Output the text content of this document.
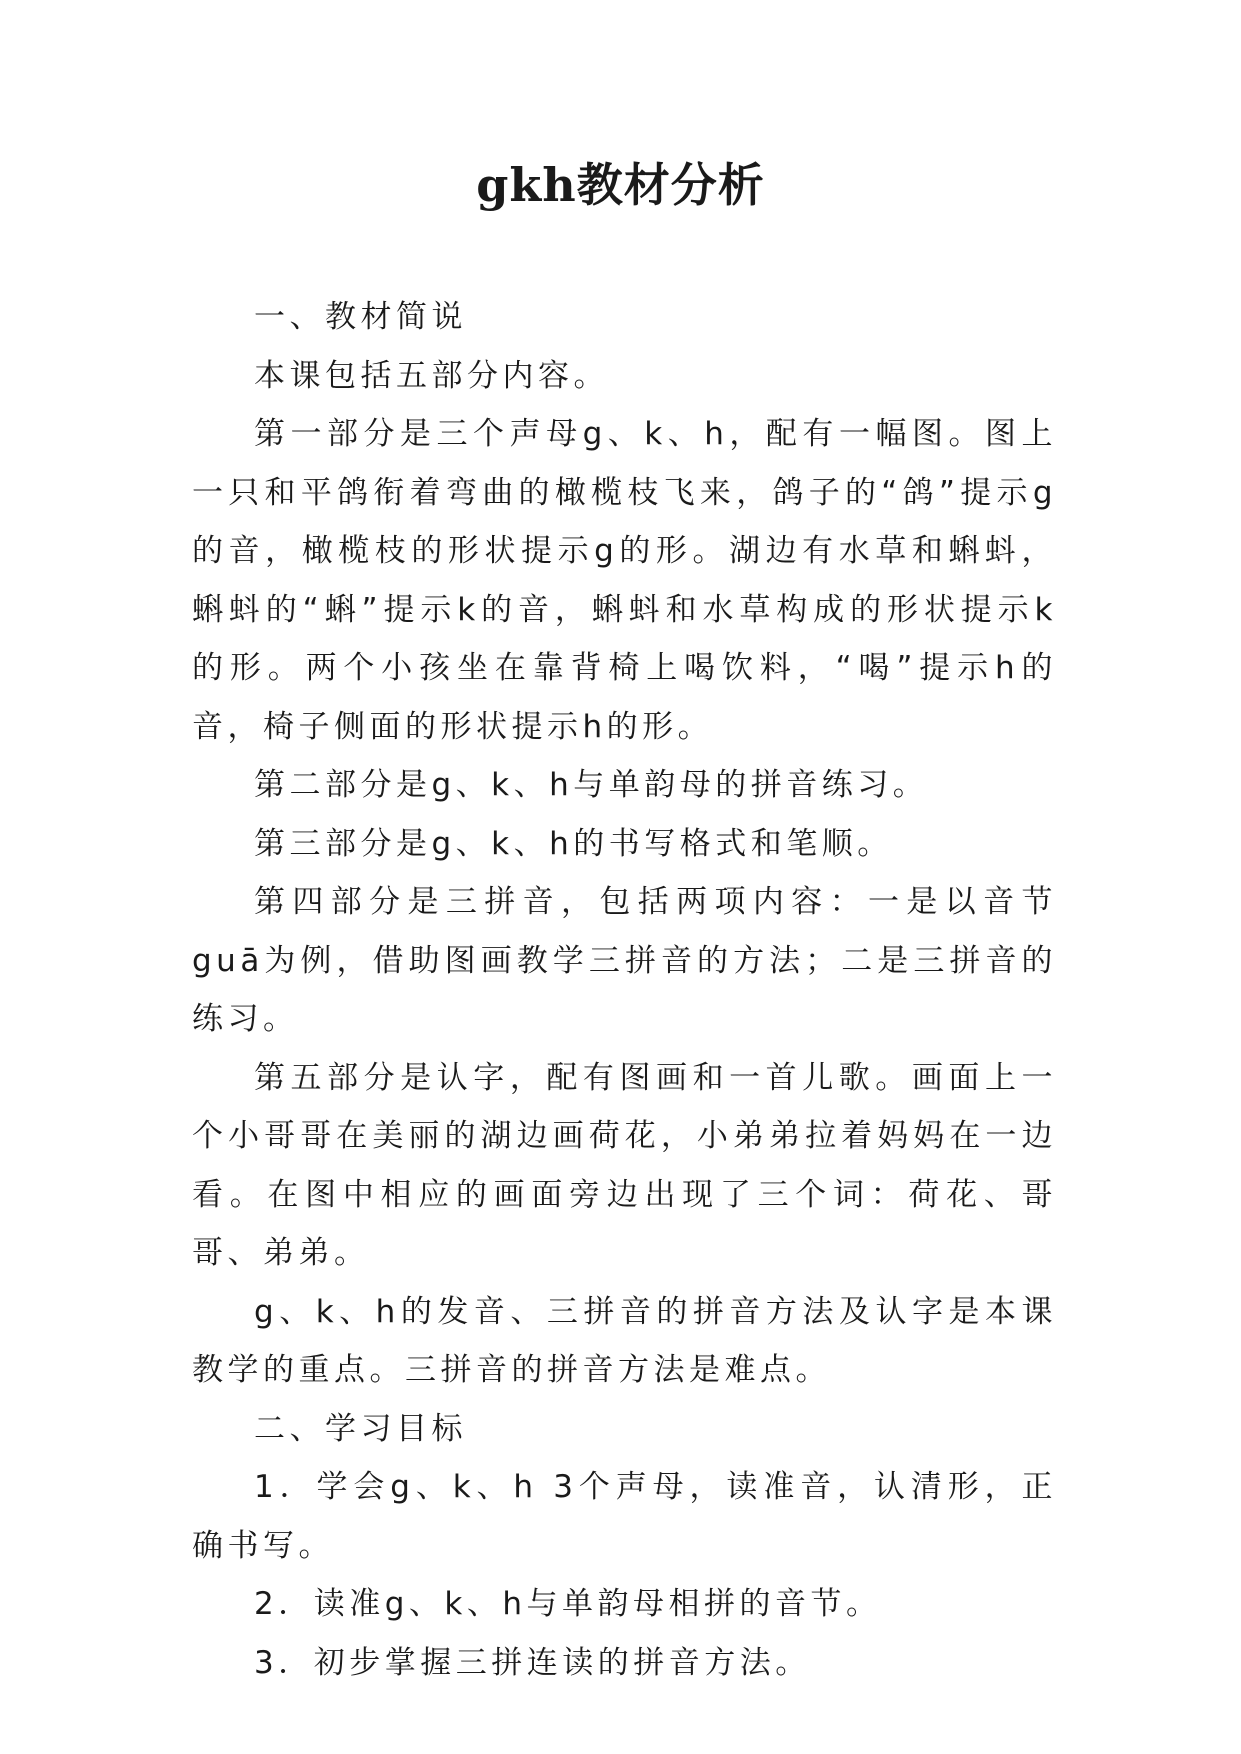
gkh教材分析

一、教材简说

本课包括五部分内容。

第一部分是三个声母g、k、h，配有一幅图。图上一只和平鸽衔着弯曲的橄榄枝飞来，鸽子的“鸽”提示g的音，橄榄枝的形状提示g的形。湖边有水草和蝌蚪，蝌蚪的“蝌”提示k的音，蝌蚪和水草构成的形状提示k的形。两个小孩坐在靠背椅上喝饮料，“喝”提示h的音，椅子侧面的形状提示h的形。

第二部分是g、k、h与单韵母的拼音练习。

第三部分是g、k、h的书写格式和笔顺。

第四部分是三拼音，包括两项内容：一是以音节guā为例，借助图画教学三拼音的方法；二是三拼音的练习。

第五部分是认字，配有图画和一首儿歌。画面上一个小哥哥在美丽的湖边画荷花，小弟弟拉着妈妈在一边看。在图中相应的画面旁边出现了三个词：荷花、哥哥、弟弟。

g、k、h的发音、三拼音的拼音方法及认字是本课教学的重点。三拼音的拼音方法是难点。

二、学习目标

1．学会g、k、h 3个声母，读准音，认清形，正确书写。

2．读准g、k、h与单韵母相拼的音节。

3．初步掌握三拼连读的拼音方法。
